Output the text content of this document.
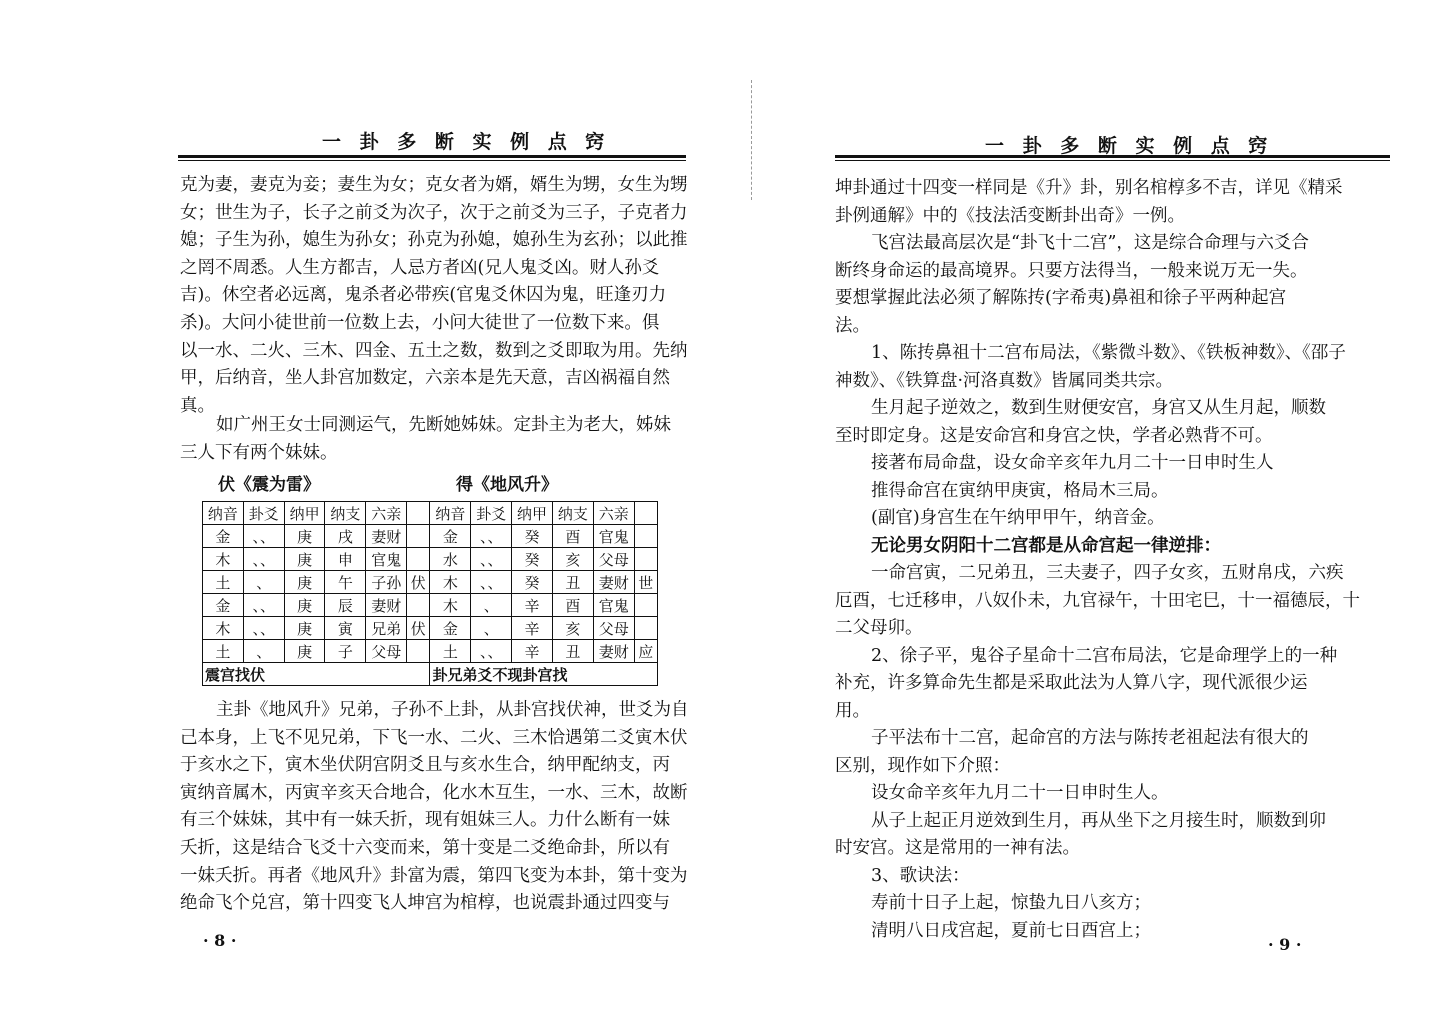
一 卦 多 断 实 例 点 窍
伏《震为雷》	得《地风升》
纳音	卦爻	纳甲	纳支	六亲		纳音	卦爻	纳甲	纳支	六亲	
金	、、	庚	戌	妻财		金	、、	癸	酉	官鬼	
木	、、	庚	申	官鬼		水	、、	癸	亥	父母	
土	、	庚	午	子孙	伏	木	、、	癸	丑	妻财	世
金	、、	庚	辰	妻财		木	、	辛	酉	官鬼	
木	、、	庚	寅	兄弟	伏	金	、	辛	亥	父母	
土	、	庚	子	父母		土	、、	辛	丑	妻财	应
震宫找伏						卦兄弟爻不现卦宫找					
· 8 ·
克为妻，妻克为妾；妻生为女；克女者为婿，婿生为甥，女生为甥
女；世生为子，长子之前爻为次子，次于之前爻为三子，子克者力
媳；子生为孙，媳生为孙女；孙克为孙媳，媳孙生为玄孙；以此推
之罔不周悉。人生方都吉，人忌方者凶(兄人鬼爻凶。财人孙爻
吉)。休空者必远离，鬼杀者必带疾(官鬼爻休囚为鬼，旺逢刃力
杀)。大问小徒世前一位数上去，小问大徒世了一位数下来。俱
以一水、二火、三木、四金、五土之数，数到之爻即取为用。先纳
甲，后纳音，坐人卦宫加数定，六亲本是先天意，吉凶祸福自然
真。
如广州王女士同测运气，先断她姊妹。定卦主为老大，姊妹
三人下有两个妹妹。
主卦《地风升》兄弟，子孙不上卦，从卦宫找伏神，世爻为自
己本身，上飞不见兄弟，下飞一水、二火、三木恰遇第二爻寅木伏
于亥水之下，寅木坐伏阴宫阴爻且与亥水生合，纳甲配纳支，丙
寅纳音属木，丙寅辛亥天合地合，化水木互生，一水、三木，故断
有三个妹妹，其中有一妹夭折，现有姐妹三人。力什么断有一妹
夭折，这是结合飞爻十六变而来，第十变是二爻绝命卦，所以有
一妹夭折。再者《地风升》卦富为震，第四飞变为本卦，第十变为
绝命飞个兑宫，第十四变飞人坤宫为棺椁，也说震卦通过四变与
一 卦 多 断 实 例 点 窍
· 9 ·
坤卦通过十四变一样同是《升》卦，别名棺椁多不吉，详见《精采
卦例通解》中的《技法活变断卦出奇》一例。
飞宫法最高层次是“卦飞十二宫”，这是综合命理与六爻合
断终身命运的最高境界。只要方法得当，一般来说万无一失。
要想掌握此法必须了解陈抟(字希夷)鼻祖和徐子平两种起宫
法。
1、陈抟鼻祖十二宫布局法，《紫微斗数》、《铁板神数》、《邵子
神数》、《铁算盘·河洛真数》皆属同类共宗。
生月起子逆效之，数到生财便安宫，身宫又从生月起，顺数
至时即定身。这是安命宫和身宫之快，学者必熟背不可。
接著布局命盘，设女命辛亥年九月二十一日申时生人
推得命宫在寅纳甲庚寅，格局木三局。
(副官)身宫生在午纳甲甲午，纳音金。
无论男女阴阳十二宫都是从命宫起一律逆排：
一命宫寅，二兄弟丑，三夫妻子，四子女亥，五财帛戌，六疾
厄酉，七迁移申，八奴仆未，九官禄午，十田宅巳，十一福德辰，十
二父母卯。
2、徐子平，鬼谷子星命十二宫布局法，它是命理学上的一种
补充，许多算命先生都是采取此法为人算八字，现代派很少运
用。
子平法布十二宫，起命宫的方法与陈抟老祖起法有很大的
区别，现作如下介照：
设女命辛亥年九月二十一日申时生人。
从子上起正月逆效到生月，再从坐下之月接生时，顺数到卯
时安宫。这是常用的一神有法。
3、歌诀法：
寿前十日子上起，惊蛰九日八亥方；
清明八日戌宫起，夏前七日酉宫上；
